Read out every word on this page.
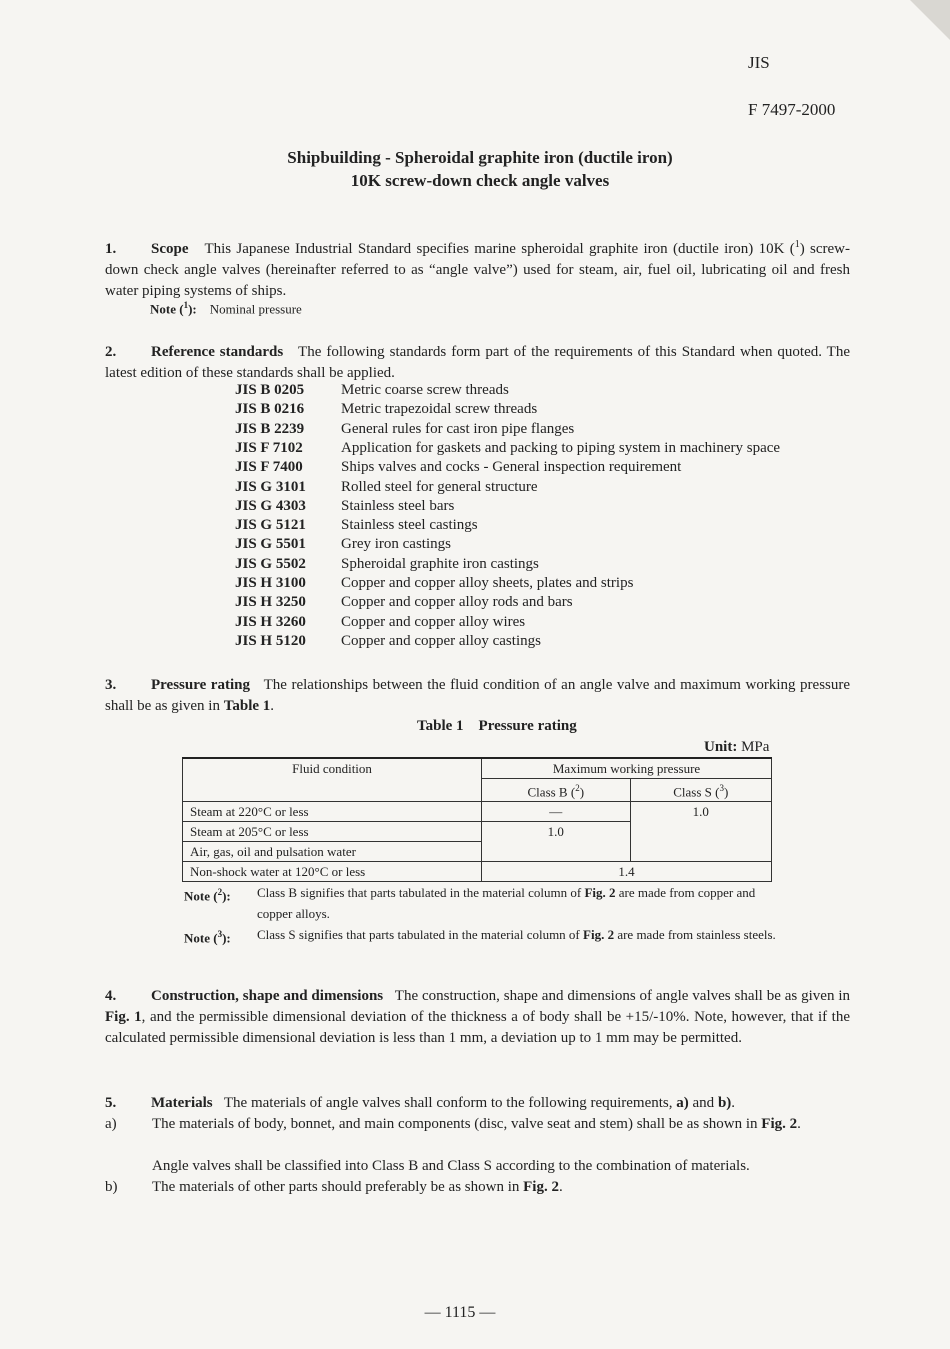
JIS
F 7497-2000
Shipbuilding - Spheroidal graphite iron (ductile iron)
10K screw-down check angle valves

1. Scope This Japanese Industrial Standard specifies marine spheroidal graphite iron (ductile iron) 10K ($^1$) screw-down check angle valves (hereinafter referred to as “angle valve”) used for steam, air, fuel oil, lubricating oil and fresh water piping systems of ships.

Note ($^1$): Nominal pressure

2. Reference standards The following standards form part of the requirements of this Standard when quoted. The latest edition of these standards shall be applied.

JIS B 0205 Metric coarse screw threads
JIS B 0216 Metric trapezoidal screw threads
JIS B 2239 General rules for cast iron pipe flanges
JIS F 7102	Application for gaskets and packing to piping system in machinery space
JIS F 7400	Ships valves and cocks - General inspection requirement
JIS G 3101 Rolled steel for general structure
JIS G 4303 Stainless steel bars
JIS G 5121 Stainless steel castings
JIS G 5501 Grey iron castings
JIS G 5502 Spheroidal graphite iron castings
JIS H 3100 Copper and copper alloy sheets, plates and strips
JIS H 3250 Copper and copper alloy rods and bars
JIS H 3260 Copper and copper alloy wires
JIS H 5120 Copper and copper alloy castings

3. Pressure rating The relationships between the fluid condition of an angle valve and maximum working pressure shall be as given in Table 1.

Table 1    Pressure rating
Unit: MPa
Fluid condition	Maximum working pressure	
	Class B ($^2$)	Class S ($^3$)
Steam at 220°C or less	—	1.0
Steam at 205°C or less	1.0	
Air, gas, oil and pulsation water		
Non-shock water at 120°C or less	1.4	
Note ($^2$): Class B signifies that parts tabulated in the material column of Fig. 2 are made from copper and copper alloys.
Note ($^3$): Class S signifies that parts tabulated in the material column of Fig. 2 are made from stainless steels.

4. Construction, shape and dimensions The construction, shape and dimensions of angle valves shall be as given in Fig. 1, and the permissible dimensional deviation of the thickness a of body shall be +15/-10%. Note, however, that if the calculated permissible dimensional deviation is less than 1 mm, a deviation up to 1 mm may be permitted.

5. Materials The materials of angle valves shall conform to the following requirements, a) and b).

a) The materials of body, bonnet, and main components (disc, valve seat and stem) shall be as shown in Fig. 2.
Angle valves shall be classified into Class B and Class S according to the combination of materials.
b) The materials of other parts should preferably be as shown in Fig. 2.
— 1115 —
